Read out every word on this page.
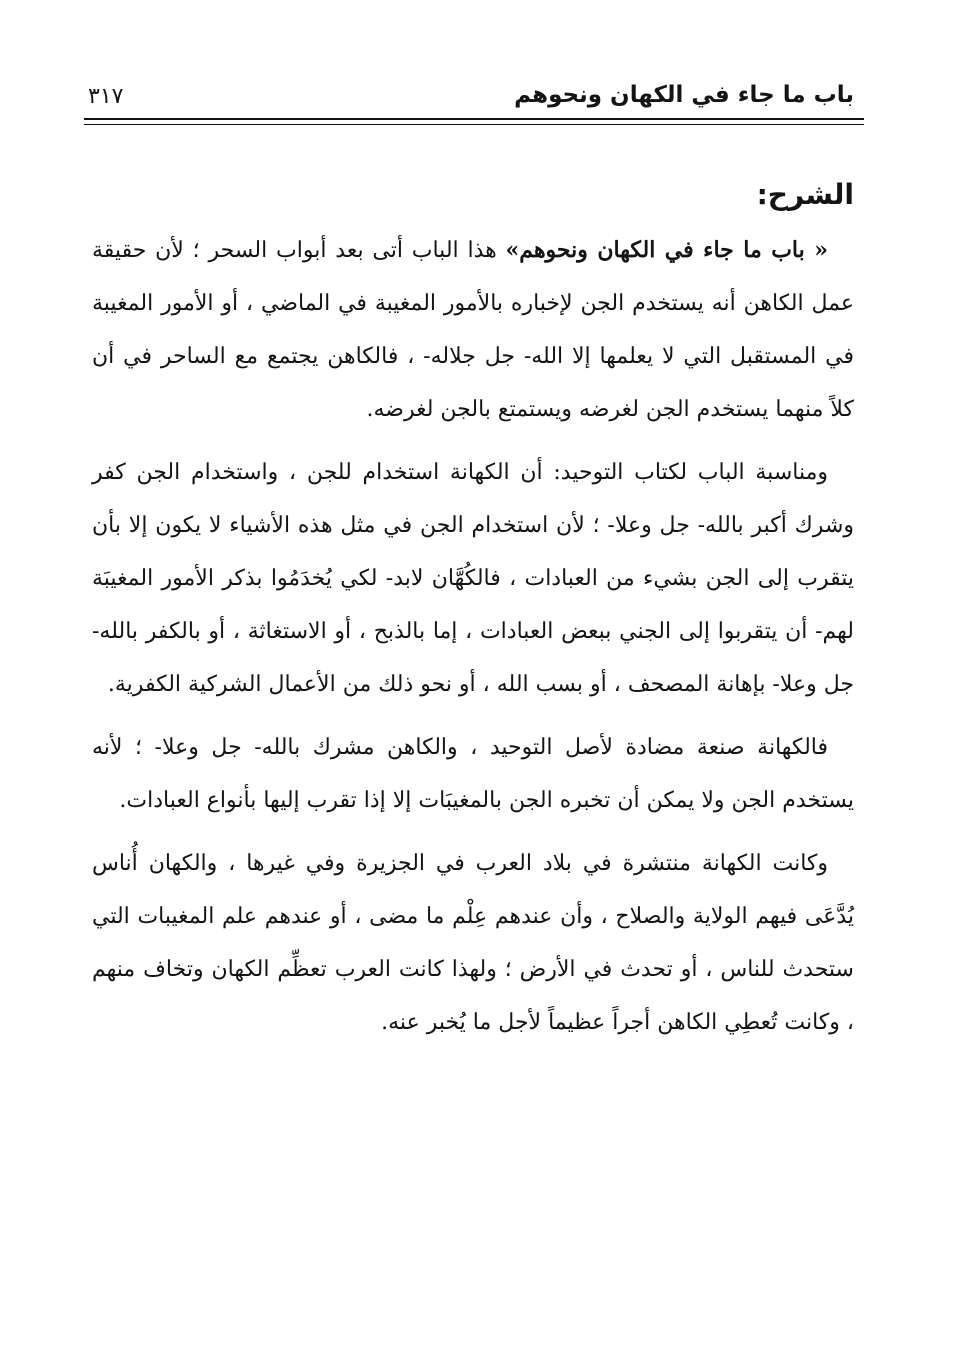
باب ما جاء في الكهان ونحوهم
٣١٧
الشرح:

« باب ما جاء في الكهان ونحوهم» هذا الباب أتى بعد أبواب السحر ؛ لأن حقيقة عمل الكاهن أنه يستخدم الجن لإخباره بالأمور المغيبة في الماضي ، أو الأمور المغيبة في المستقبل التي لا يعلمها إلا الله- جل جلاله- ، فالكاهن يجتمع مع الساحر في أن كلاً منهما يستخدم الجن لغرضه ويستمتع بالجن لغرضه.

ومناسبة الباب لكتاب التوحيد: أن الكهانة استخدام للجن ، واستخدام الجن كفر وشرك أكبر بالله- جل وعلا- ؛ لأن استخدام الجن في مثل هذه الأشياء لا يكون إلا بأن يتقرب إلى الجن بشيء من العبادات ، فالكُهَّان لابد- لكي يُخدَمُوا بذكر الأمور المغيبَة لهم- أن يتقربوا إلى الجني ببعض العبادات ، إما بالذبح ، أو الاستغاثة ، أو بالكفر بالله- جل وعلا- بإهانة المصحف ، أو بسب الله ، أو نحو ذلك من الأعمال الشركية الكفرية.

فالكهانة صنعة مضادة لأصل التوحيد ، والكاهن مشرك بالله- جل وعلا- ؛ لأنه يستخدم الجن ولا يمكن أن تخبره الجن بالمغيبَات إلا إذا تقرب إليها بأنواع العبادات.

وكانت الكهانة منتشرة في بلاد العرب في الجزيرة وفي غيرها ، والكهان أُناس يُدَّعَى فيهم الولاية والصلاح ، وأن عندهم عِلْم ما مضى ، أو عندهم علم المغيبات التي ستحدث للناس ، أو تحدث في الأرض ؛ ولهذا كانت العرب تعظِّم الكهان وتخاف منهم ، وكانت تُعطِي الكاهن أجراً عظيماً لأجل ما يُخبر عنه.
